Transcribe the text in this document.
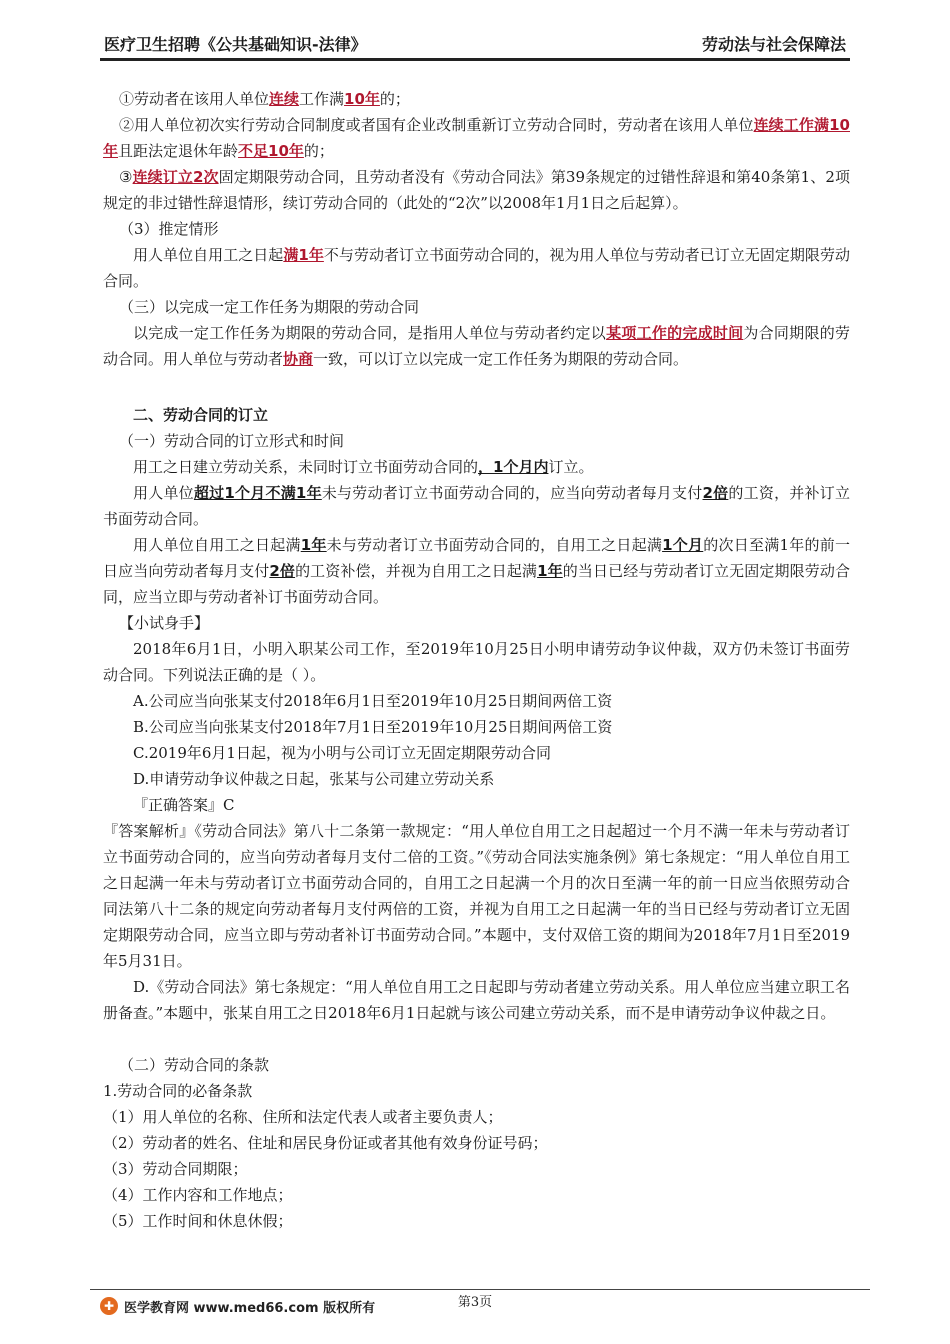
医疗卫生招聘《公共基础知识-法律》	劳动法与社会保障法

①劳动者在该用人单位连续工作满10年的；

②用人单位初次实行劳动合同制度或者国有企业改制重新订立劳动合同时，劳动者在该用人单位连续工作满10年且距法定退休年龄不足10年的；

③连续订立2次固定期限劳动合同，且劳动者没有《劳动合同法》第39条规定的过错性辞退和第40条第1、2项规定的非过错性辞退情形，续订劳动合同的（此处的“2次”以2008年1月1日之后起算）。

（3）推定情形

用人单位自用工之日起满1年不与劳动者订立书面劳动合同的，视为用人单位与劳动者已订立无固定期限劳动合同。

（三）以完成一定工作任务为期限的劳动合同

以完成一定工作任务为期限的劳动合同，是指用人单位与劳动者约定以某项工作的完成时间为合同期限的劳动合同。用人单位与劳动者协商一致，可以订立以完成一定工作任务为期限的劳动合同。

二、劳动合同的订立

（一）劳动合同的订立形式和时间

用工之日建立劳动关系，未同时订立书面劳动合同的，1个月内订立。

用人单位超过1个月不满1年未与劳动者订立书面劳动合同的，应当向劳动者每月支付2倍的工资，并补订立书面劳动合同。

用人单位自用工之日起满1年未与劳动者订立书面劳动合同的，自用工之日起满1个月的次日至满1年的前一日应当向劳动者每月支付2倍的工资补偿，并视为自用工之日起满1年的当日已经与劳动者订立无固定期限劳动合同，应当立即与劳动者补订书面劳动合同。

【小试身手】

2018年6月1日，小明入职某公司工作，至2019年10月25日小明申请劳动争议仲裁，双方仍未签订书面劳动合同。下列说法正确的是（ ）。

A.公司应当向张某支付2018年6月1日至2019年10月25日期间两倍工资

B.公司应当向张某支付2018年7月1日至2019年10月25日期间两倍工资

C.2019年6月1日起，视为小明与公司订立无固定期限劳动合同

D.申请劳动争议仲裁之日起，张某与公司建立劳动关系

『正确答案』C

『答案解析』《劳动合同法》第八十二条第一款规定：“用人单位自用工之日起超过一个月不满一年未与劳动者订立书面劳动合同的，应当向劳动者每月支付二倍的工资。”《劳动合同法实施条例》第七条规定：“用人单位自用工之日起满一年未与劳动者订立书面劳动合同的，自用工之日起满一个月的次日至满一年的前一日应当依照劳动合同法第八十二条的规定向劳动者每月支付两倍的工资，并视为自用工之日起满一年的当日已经与劳动者订立无固定期限劳动合同，应当立即与劳动者补订书面劳动合同。”本题中，支付双倍工资的期间为2018年7月1日至2019年5月31日。

D.《劳动合同法》第七条规定：“用人单位自用工之日起即与劳动者建立劳动关系。用人单位应当建立职工名册备查。”本题中，张某自用工之日2018年6月1日起就与该公司建立劳动关系，而不是申请劳动争议仲裁之日。

（二）劳动合同的条款

1.劳动合同的必备条款

（1）用人单位的名称、住所和法定代表人或者主要负责人；

（2）劳动者的姓名、住址和居民身份证或者其他有效身份证号码；

（3）劳动合同期限；

（4）工作内容和工作地点；

（5）工作时间和休息休假；

✚ 医学教育网 www.med66.com 版权所有	第3页
